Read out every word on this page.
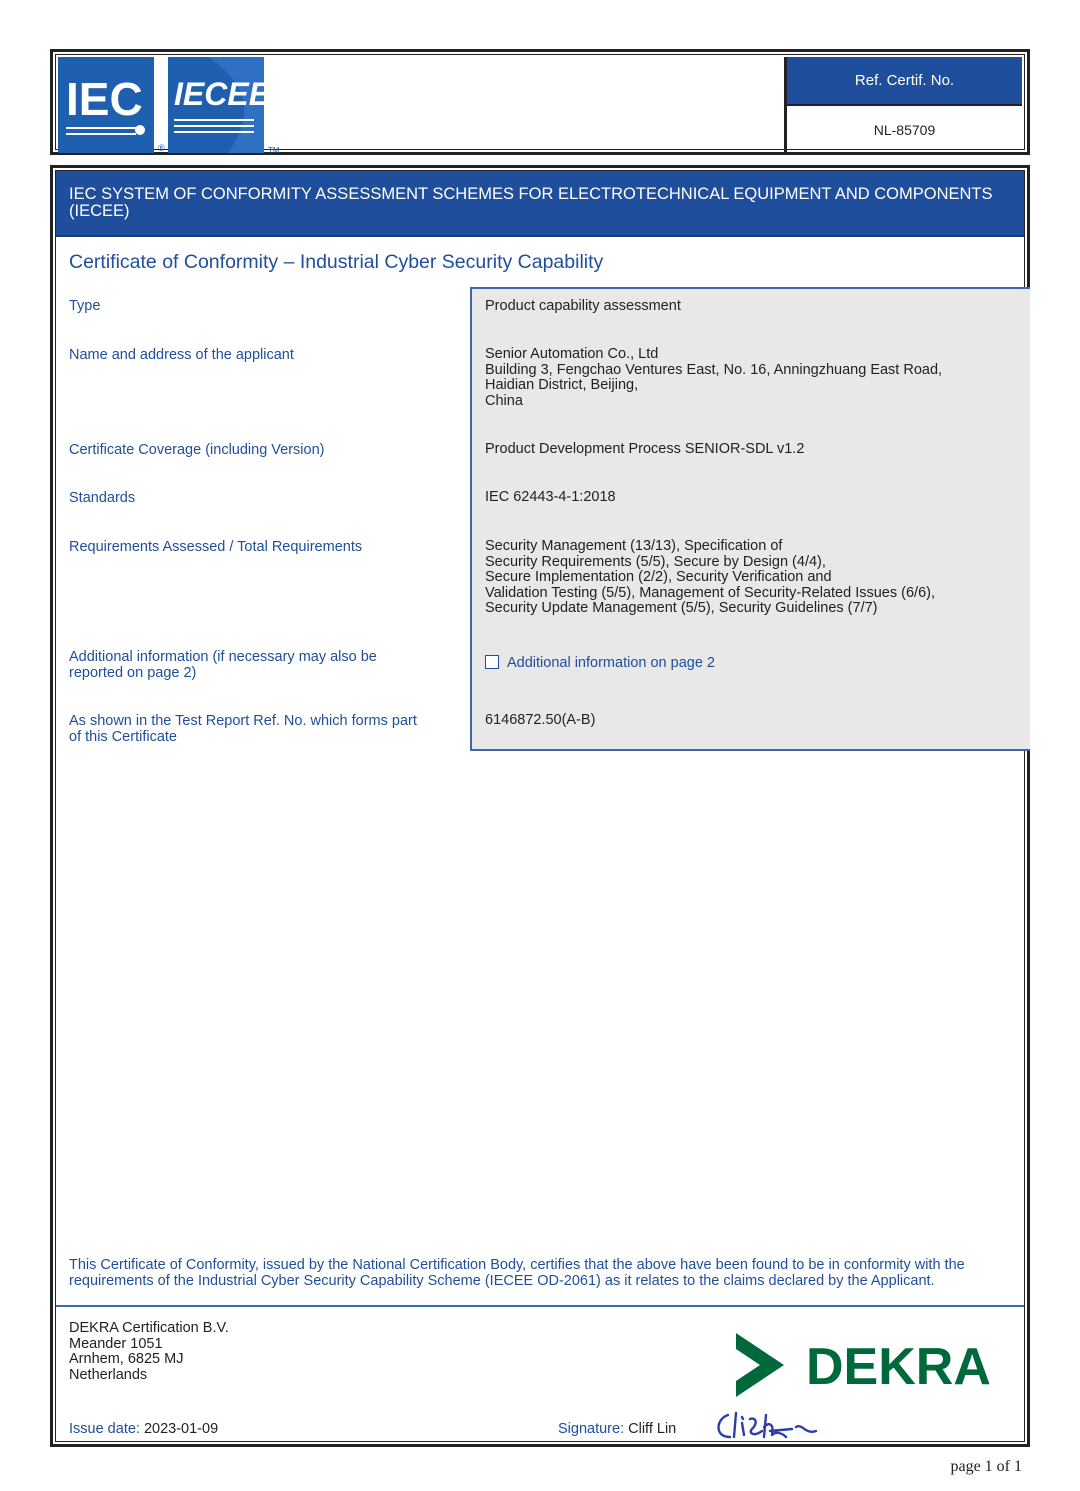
IEC
®
IECEE
TM
Ref. Certif. No.
NL-85709
IEC SYSTEM OF CONFORMITY ASSESSMENT SCHEMES FOR ELECTROTECHNICAL EQUIPMENT AND COMPONENTS (IECEE)
Certificate of Conformity – Industrial Cyber Security Capability
Type
Name and address of the applicant
Certificate Coverage (including Version)
Standards
Requirements Assessed / Total Requirements
Additional information (if necessary may also be
reported on page 2)
As shown in the Test Report Ref. No. which forms part
of this Certificate
Product capability assessment
Senior Automation Co., Ltd
Building 3, Fengchao Ventures East, No. 16, Anningzhuang East Road,
Haidian District, Beijing,
China
Product Development Process SENIOR-SDL v1.2
IEC 62443-4-1:2018
Security Management (13/13), Specification of
Security Requirements (5/5), Secure by Design (4/4),
Secure Implementation (2/2), Security Verification and
Validation Testing (5/5), Management of Security-Related Issues (6/6),
Security Update Management (5/5), Security Guidelines (7/7)
Additional information on page 2
6146872.50(A-B)
This Certificate of Conformity, issued by the National Certification Body, certifies that the above have been found to be in conformity with the requirements of the Industrial Cyber Security Capability Scheme (IECEE OD-2061) as it relates to the claims declared by the Applicant.
DEKRA Certification B.V.
Meander 1051
Arnhem, 6825 MJ
Netherlands	DEKRA
Issue date: 2023-01-09	Signature: Cliff Lin
page 1 of 1
